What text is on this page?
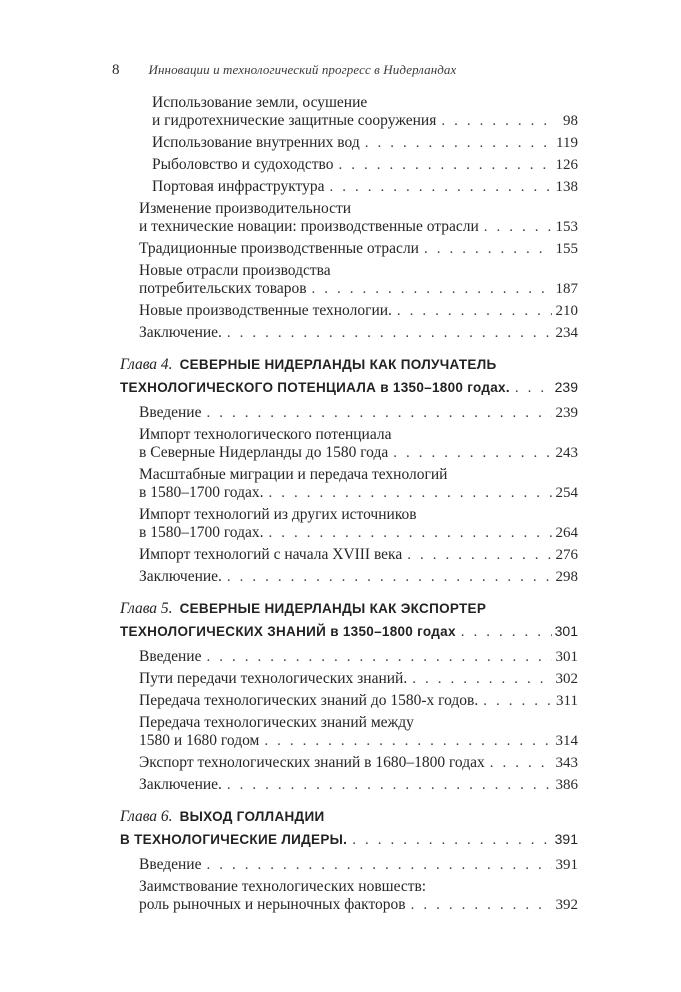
8 Инновации и технологический прогресс в Нидерландах
Использование земли, осушение
и гидротехнические защитные сооружения .....	98
Использование внутренних вод .....	119
Рыболовство и судоходство .....	126
Портовая инфраструктура .....	138
Изменение производительности
и технические новации: производственные отрасли .....	153
Традиционные производственные отрасли .....	155
Новые отрасли производства
потребительских товаров .....	187
Новые производственные технологии. .....	210
Заключение. .....	234
Глава 4. СЕВЕРНЫЕ НИДЕРЛАНДЫ КАК ПОЛУЧАТЕЛЬ
ТЕХНОЛОГИЧЕСКОГО ПОТЕНЦИАЛА в 1350–1800 годах. .....	239
Введение .....	239
Импорт технологического потенциала
в Северные Нидерланды до 1580 года .....	243
Масштабные миграции и передача технологий
в 1580–1700 годах. .....	254
Импорт технологий из других источников
в 1580–1700 годах. .....	264
Импорт технологий с начала XVIII века .....	276
Заключение. .....	298
Глава 5. СЕВЕРНЫЕ НИДЕРЛАНДЫ КАК ЭКСПОРТЕР
ТЕХНОЛОГИЧЕСКИХ ЗНАНИЙ в 1350–1800 годах .....	301
Введение .....	301
Пути передачи технологических знаний. .....	302
Передача технологических знаний до 1580-х годов. .....	311
Передача технологических знаний между
1580 и 1680 годом .....	314
Экспорт технологических знаний в 1680–1800 годах .....	343
Заключение. .....	386
Глава 6. ВЫХОД ГОЛЛАНДИИ
В ТЕХНОЛОГИЧЕСКИЕ ЛИДЕРЫ. .....	391
Введение .....	391
Заимствование технологических новшеств:
роль рыночных и нерыночных факторов .....	392
